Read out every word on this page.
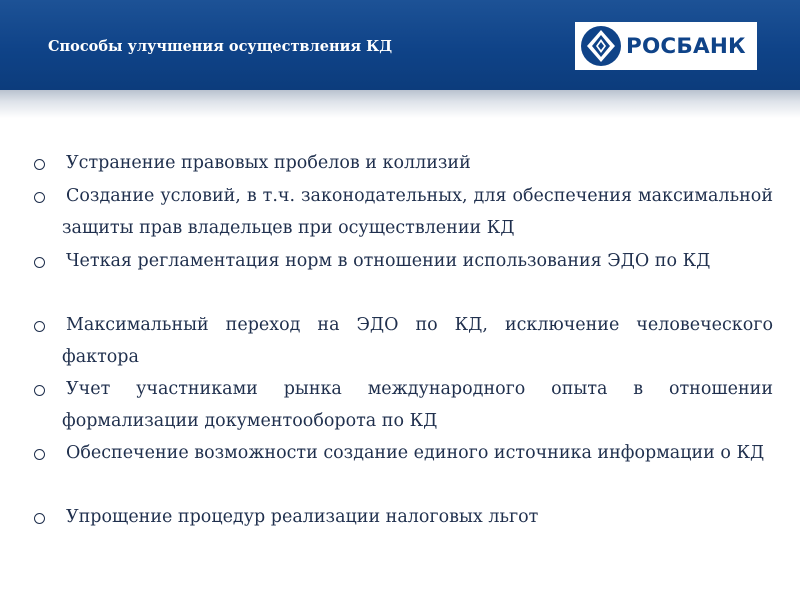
Способы улучшения осуществления КД	РОСБАНК
Устранение правовых пробелов и коллизий
Создание условий, в т.ч. законодательных, для обеспечения максимальной защиты прав владельцев при осуществлении КД
Четкая регламентация норм в отношении использования ЭДО по КД
Максимальный переход на ЭДО по КД, исключение человеческого фактора
Учет участниками рынка международного опыта в отношении формализации документооборота по КД
Обеспечение возможности создание единого источника информации о КД
Упрощение процедур реализации налоговых льгот
